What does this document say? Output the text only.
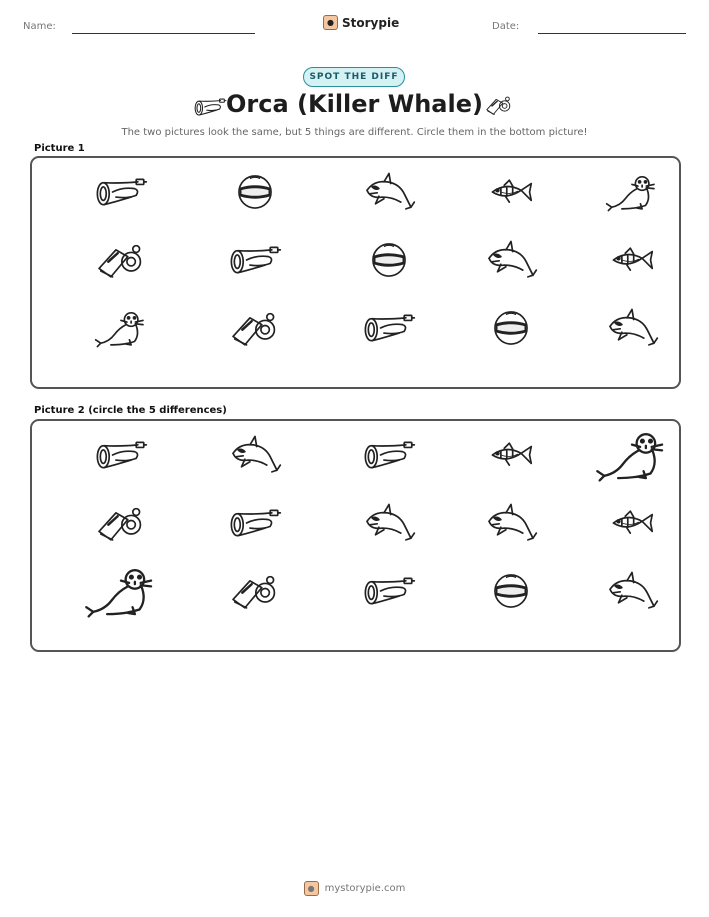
Name:	● Storypie	Date:
SPOT THE DIFF
Orca (Killer Whale)
The two pictures look the same, but 5 things are different. Circle them in the bottom picture!
Picture 1
Picture 2 (circle the 5 differences)
●	mystorypie.com
